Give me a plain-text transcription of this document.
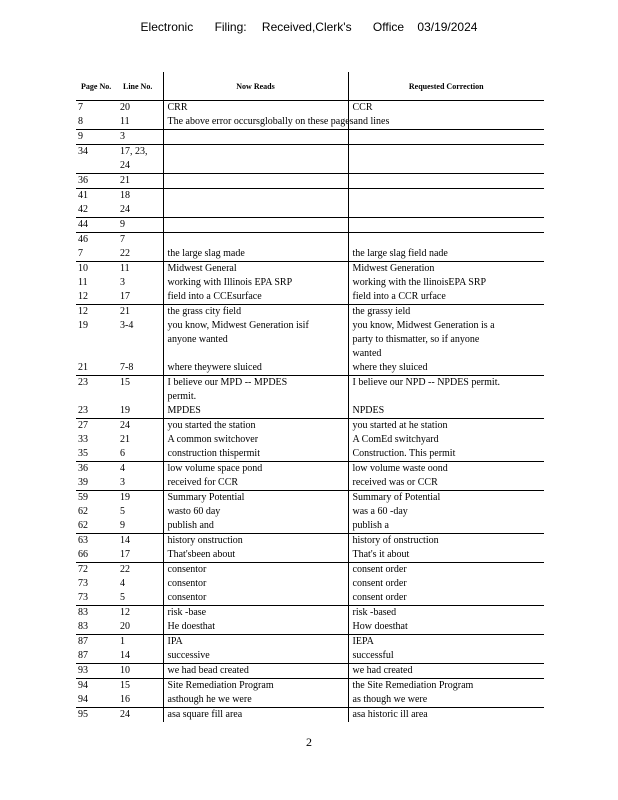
Electronic Filing: Received,Clerk's Office 03/19/2024
Page No.	Line No.	Now Reads	Requested Correction
7	20	CRR	CCR
8	11	The above error occursglobally on these pagesand lines	
9	3		
34	17, 23,		
	24		
36	21		
41	18		
42	24		
44	9		
46	7		
7	22	the large slag made	the large slag field nade
10	11	Midwest General	Midwest Generation
11	3	working with Illinois EPA SRP	working with the llinoisEPA SRP
12	17	field into a CCEsurface	field into a CCR urface
12	21	the grass city field	the grassy ield
19	3-4	you know, Midwest Generation isif	you know, Midwest Generation is a
		anyone wanted	party to thismatter, so if anyone
			wanted
21	7-8	where theywere sluiced	where they sluiced
23	15	I believe our MPD -- MPDES	I believe our NPD -- NPDES permit.
		permit.	
23	19	MPDES	NPDES
27	24	you started the station	you started at he station
33	21	A common switchover	A ComEd switchyard
35	6	construction thispermit	Construction. This permit
36	4	low volume space pond	low volume waste oond
39	3	received for CCR	received was or CCR
59	19	Summary Potential	Summary of Potential
62	5	wasto 60 day	was a 60 -day
62	9	publish and	publish a
63	14	history onstruction	history of onstruction
66	17	That'sbeen about	That's it about
72	22	consentor	consent order
73	4	consentor	consent order
73	5	consentor	consent order
83	12	risk -base	risk -based
83	20	He doesthat	How doesthat
87	1	IPA	IEPA
87	14	successive	successful
93	10	we had bead created	we had created
94	15	Site Remediation Program	the Site Remediation Program
94	16	asthough he we were	as though we were
95	24	asa square fill area	asa historic ill area
2
